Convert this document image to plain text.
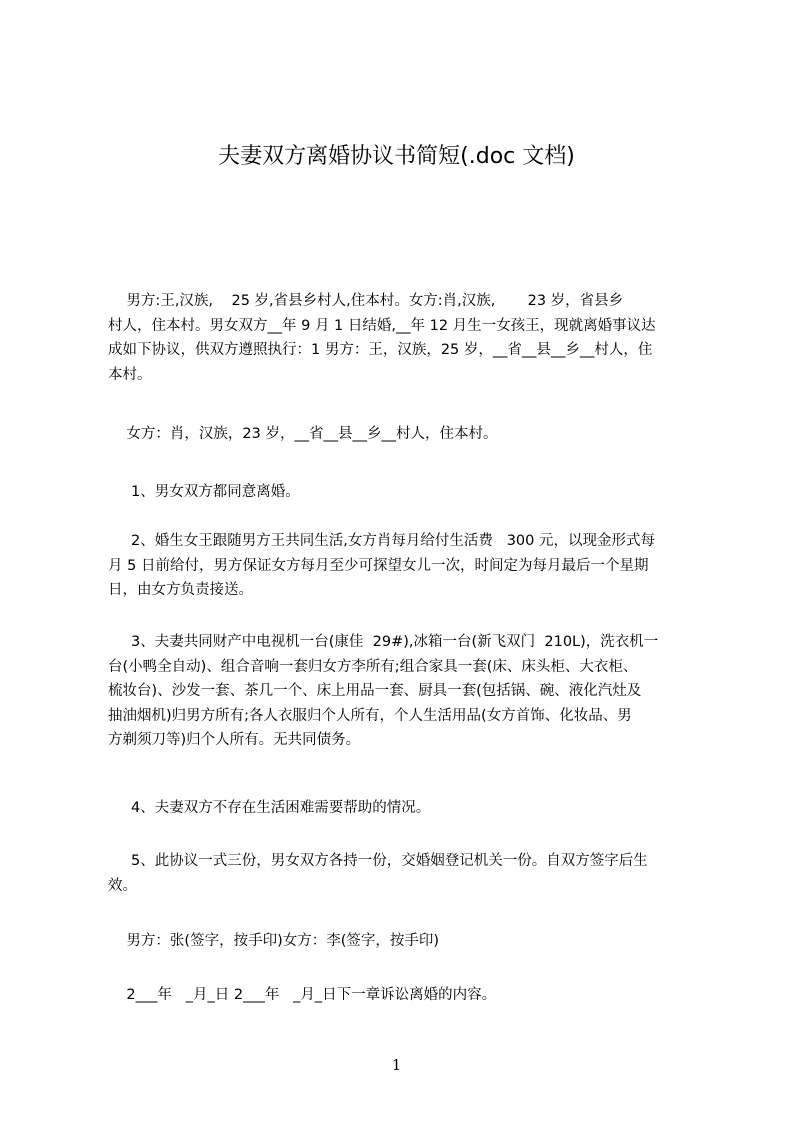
夫妻双方离婚协议书简短(.doc 文档)
男方:王,汉族,    25 岁,省县乡村人,住本村。女方:肖,汉族,       23 岁，省县乡
村人，住本村。男女双方__年 9 月 1 日结婚,__年 12 月生一女孩王，现就离婚事议达
成如下协议，供双方遵照执行：1 男方：王，汉族，25 岁，__省__县__乡__村人，住
本村。
女方：肖，汉族，23 岁，__省__县__乡__村人，住本村。
1、男女双方都同意离婚。
2、婚生女王跟随男方王共同生活,女方肖每月给付生活费   300 元，以现金形式每
月 5 日前给付，男方保证女方每月至少可探望女儿一次，时间定为每月最后一个星期
日，由女方负责接送。
3、夫妻共同财产中电视机一台(康佳  29#),冰箱一台(新飞双门  210L)，洗衣机一
台(小鸭全自动)、组合音响一套归女方李所有;组合家具一套(床、床头柜、大衣柜、
梳妆台)、沙发一套、茶几一个、床上用品一套、厨具一套(包括锅、碗、液化汽灶及
抽油烟机)归男方所有;各人衣服归个人所有，个人生活用品(女方首饰、化妆品、男
方剃须刀等)归个人所有。无共同债务。
4、夫妻双方不存在生活困难需要帮助的情况。
5、此协议一式三份，男女双方各持一份，交婚姻登记机关一份。自双方签字后生
效。
男方：张(签字，按手印)女方：李(签字，按手印)
2___年   _月_日 2___年   _月_日下一章诉讼离婚的内容。
1
